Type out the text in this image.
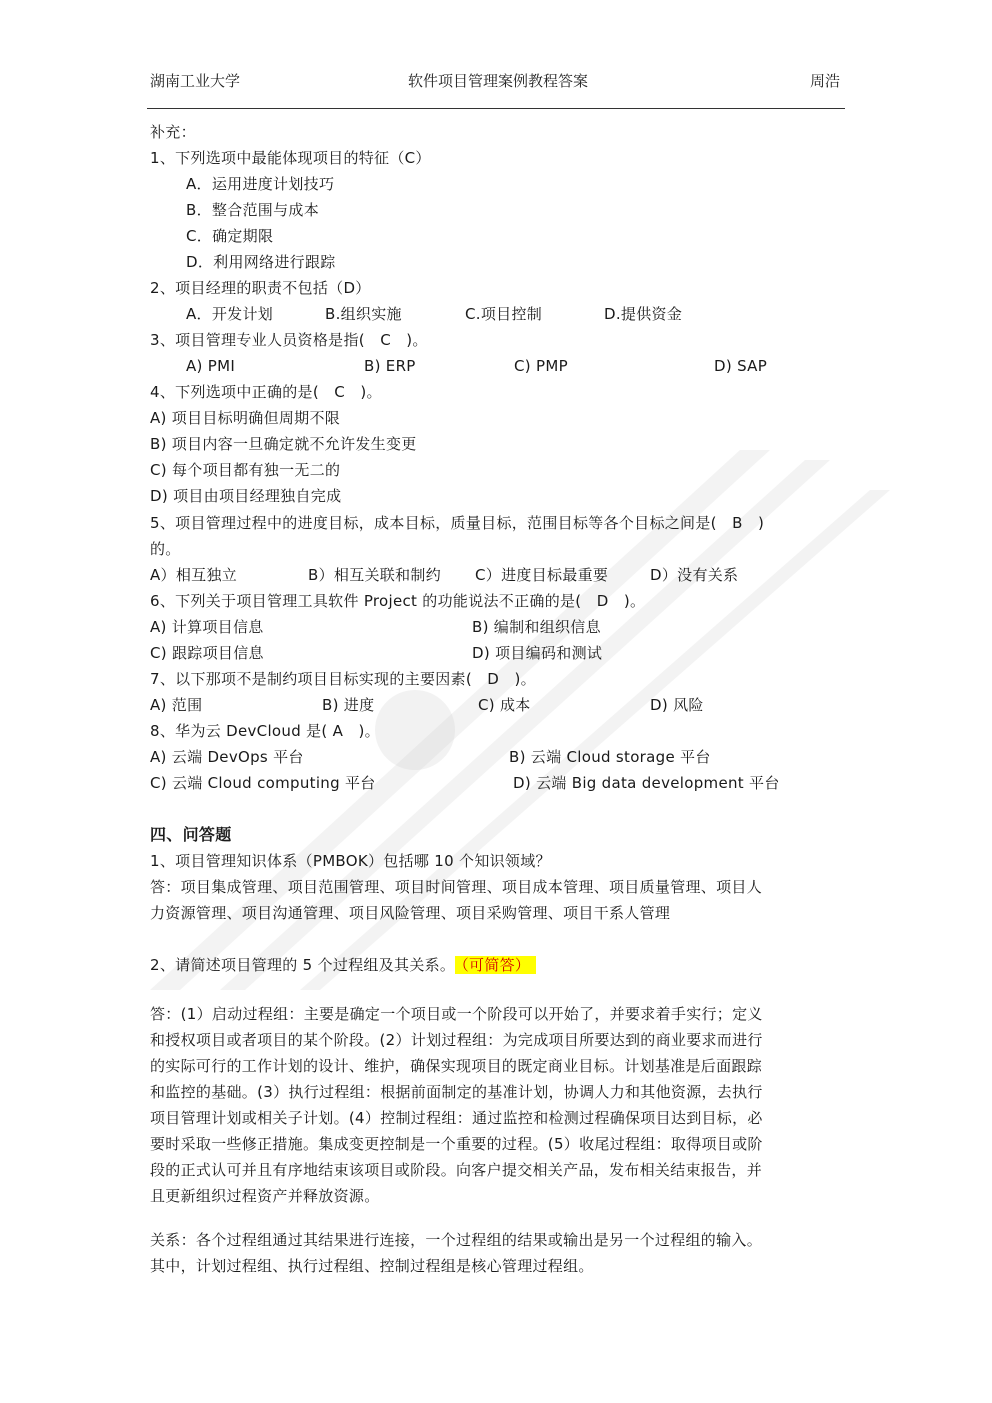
湖南工业大学	软件项目管理案例教程答案	周浩
补充：
1、下列选项中最能体现项目的特征（C）
A．运用进度计划技巧
B．整合范围与成本
C．确定期限
D．利用网络进行跟踪
2、项目经理的职责不包括（D）
A．开发计划	B.组织实施	C.项目控制	D.提供资金
3、项目管理专业人员资格是指(　C　)。
A) PMI	B) ERP	C) PMP	D) SAP
4、下列选项中正确的是(　C　)。
A) 项目目标明确但周期不限
B) 项目内容一旦确定就不允许发生变更
C) 每个项目都有独一无二的
D) 项目由项目经理独自完成
5、项目管理过程中的进度目标，成本目标，质量目标，范围目标等各个目标之间是(　B　)
的。
A）相互独立	B）相互关联和制约 C）进度目标最重要	D）没有关系
6、下列关于项目管理工具软件 Project 的功能说法不正确的是(　D　)。
A) 计算项目信息	B) 编制和组织信息
C) 跟踪项目信息	D) 项目编码和测试
7、以下那项不是制约项目目标实现的主要因素(　D　)。
A) 范围	B) 进度	C) 成本	D) 风险
8、华为云 DevCloud 是( A　)。
A) 云端 DevOps 平台	B) 云端 Cloud storage 平台
C) 云端 Cloud computing 平台	D) 云端 Big data development 平台
四、问答题
1、项目管理知识体系（PMBOK）包括哪 10 个知识领域？
答：项目集成管理、项目范围管理、项目时间管理、项目成本管理、项目质量管理、项目人
力资源管理、项目沟通管理、项目风险管理、项目采购管理、项目干系人管理
2、请简述项目管理的 5 个过程组及其关系。 （可简答）
答：(1）启动过程组：主要是确定一个项目或一个阶段可以开始了，并要求着手实行；定义
和授权项目或者项目的某个阶段。(2）计划过程组：为完成项目所要达到的商业要求而进行
的实际可行的工作计划的设计、维护，确保实现项目的既定商业目标。计划基准是后面跟踪
和监控的基础。(3）执行过程组：根据前面制定的基准计划，协调人力和其他资源，去执行
项目管理计划或相关子计划。(4）控制过程组：通过监控和检测过程确保项目达到目标，必
要时采取一些修正措施。集成变更控制是一个重要的过程。(5）收尾过程组：取得项目或阶
段的正式认可并且有序地结束该项目或阶段。向客户提交相关产品，发布相关结束报告，并
且更新组织过程资产并释放资源。
关系：各个过程组通过其结果进行连接，一个过程组的结果或输出是另一个过程组的输入。
其中，计划过程组、执行过程组、控制过程组是核心管理过程组。
